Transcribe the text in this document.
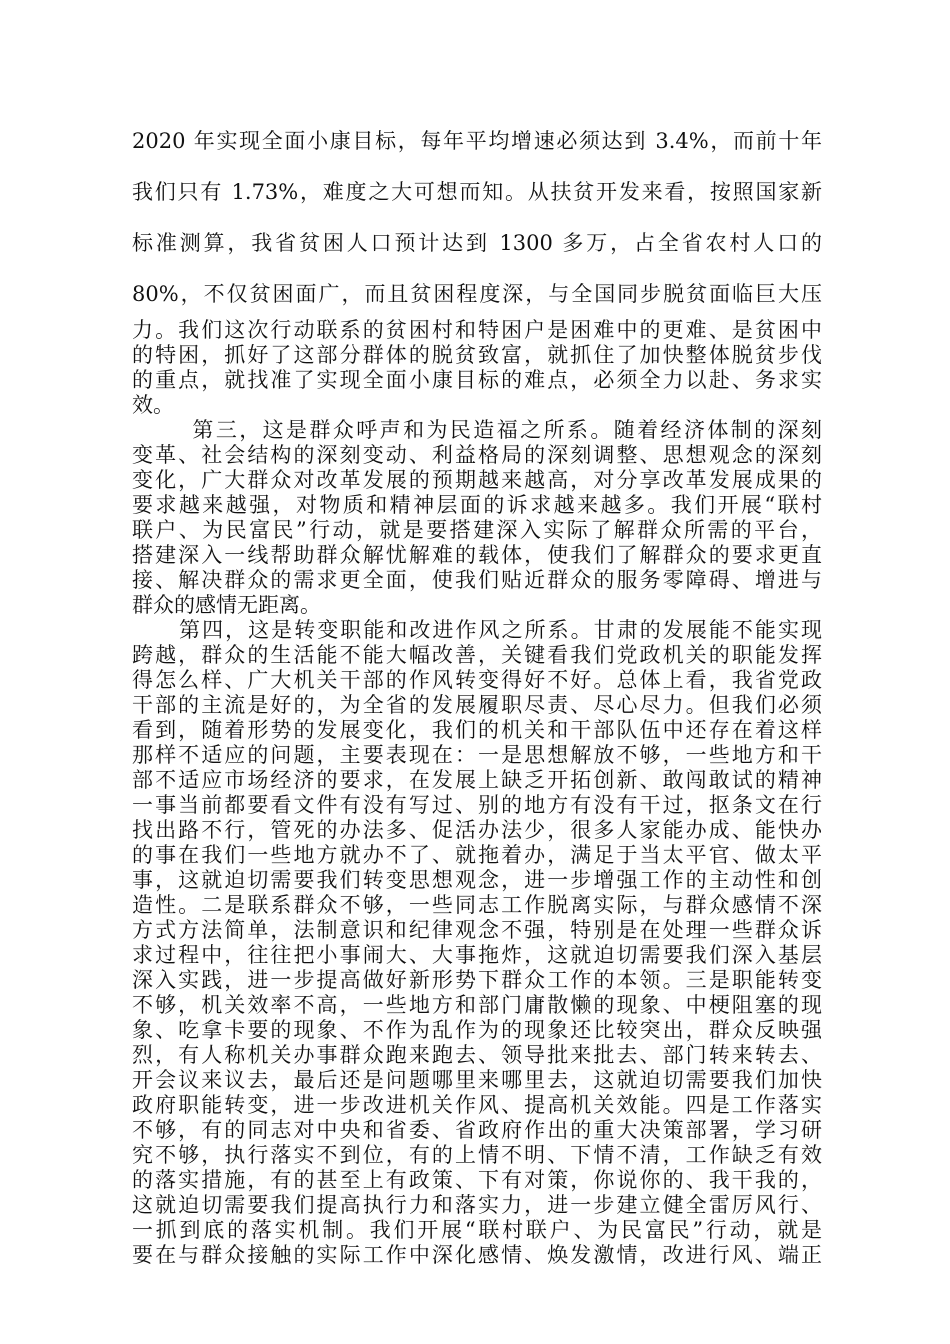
2020 年实现全面小康目标，每年平均增速必须达到 3.4%，而前十年

我们只有 1.73%，难度之大可想而知。从扶贫开发来看，按照国家新

标准测算，我省贫困人口预计达到 1300 多万，占全省农村人口的

80%，不仅贫困面广，而且贫困程度深，与全国同步脱贫面临巨大压

力。我们这次行动联系的贫困村和特困户是困难中的更难、是贫困中

的特困，抓好了这部分群体的脱贫致富，就抓住了加快整体脱贫步伐

的重点，就找准了实现全面小康目标的难点，必须全力以赴、务求实

效。

　第三，这是群众呼声和为民造福之所系。随着经济体制的深刻

变革、社会结构的深刻变动、利益格局的深刻调整、思想观念的深刻

变化，广大群众对改革发展的预期越来越高，对分享改革发展成果的

要求越来越强，对物质和精神层面的诉求越来越多。我们开展“联村

联户、为民富民”行动，就是要搭建深入实际了解群众所需的平台，

搭建深入一线帮助群众解忧解难的载体，使我们了解群众的要求更直

接、解决群众的需求更全面，使我们贴近群众的服务零障碍、增进与

群众的感情无距离。

　第四，这是转变职能和改进作风之所系。甘肃的发展能不能实现

跨越，群众的生活能不能大幅改善，关键看我们党政机关的职能发挥

得怎么样、广大机关干部的作风转变得好不好。总体上看，我省党政

干部的主流是好的，为全省的发展履职尽责、尽心尽力。但我们必须

看到，随着形势的发展变化，我们的机关和干部队伍中还存在着这样

那样不适应的问题，主要表现在：一是思想解放不够，一些地方和干

部不适应市场经济的要求，在发展上缺乏开拓创新、敢闯敢试的精神

一事当前都要看文件有没有写过、别的地方有没有干过，抠条文在行

找出路不行，管死的办法多、促活办法少，很多人家能办成、能快办

的事在我们一些地方就办不了、就拖着办，满足于当太平官、做太平

事，这就迫切需要我们转变思想观念，进一步增强工作的主动性和创

造性。二是联系群众不够，一些同志工作脱离实际，与群众感情不深

方式方法简单，法制意识和纪律观念不强，特别是在处理一些群众诉

求过程中，往往把小事闹大、大事拖炸，这就迫切需要我们深入基层

深入实践，进一步提高做好新形势下群众工作的本领。三是职能转变

不够，机关效率不高，一些地方和部门庸散懒的现象、中梗阻塞的现

象、吃拿卡要的现象、不作为乱作为的现象还比较突出，群众反映强

烈，有人称机关办事群众跑来跑去、领导批来批去、部门转来转去、

开会议来议去，最后还是问题哪里来哪里去，这就迫切需要我们加快

政府职能转变，进一步改进机关作风、提高机关效能。四是工作落实

不够，有的同志对中央和省委、省政府作出的重大决策部署，学习研

究不够，执行落实不到位，有的上情不明、下情不清，工作缺乏有效

的落实措施，有的甚至上有政策、下有对策，你说你的、我干我的，

这就迫切需要我们提高执行力和落实力，进一步建立健全雷厉风行、

一抓到底的落实机制。我们开展“联村联户、为民富民”行动，就是

要在与群众接触的实际工作中深化感情、焕发激情，改进行风、端正
